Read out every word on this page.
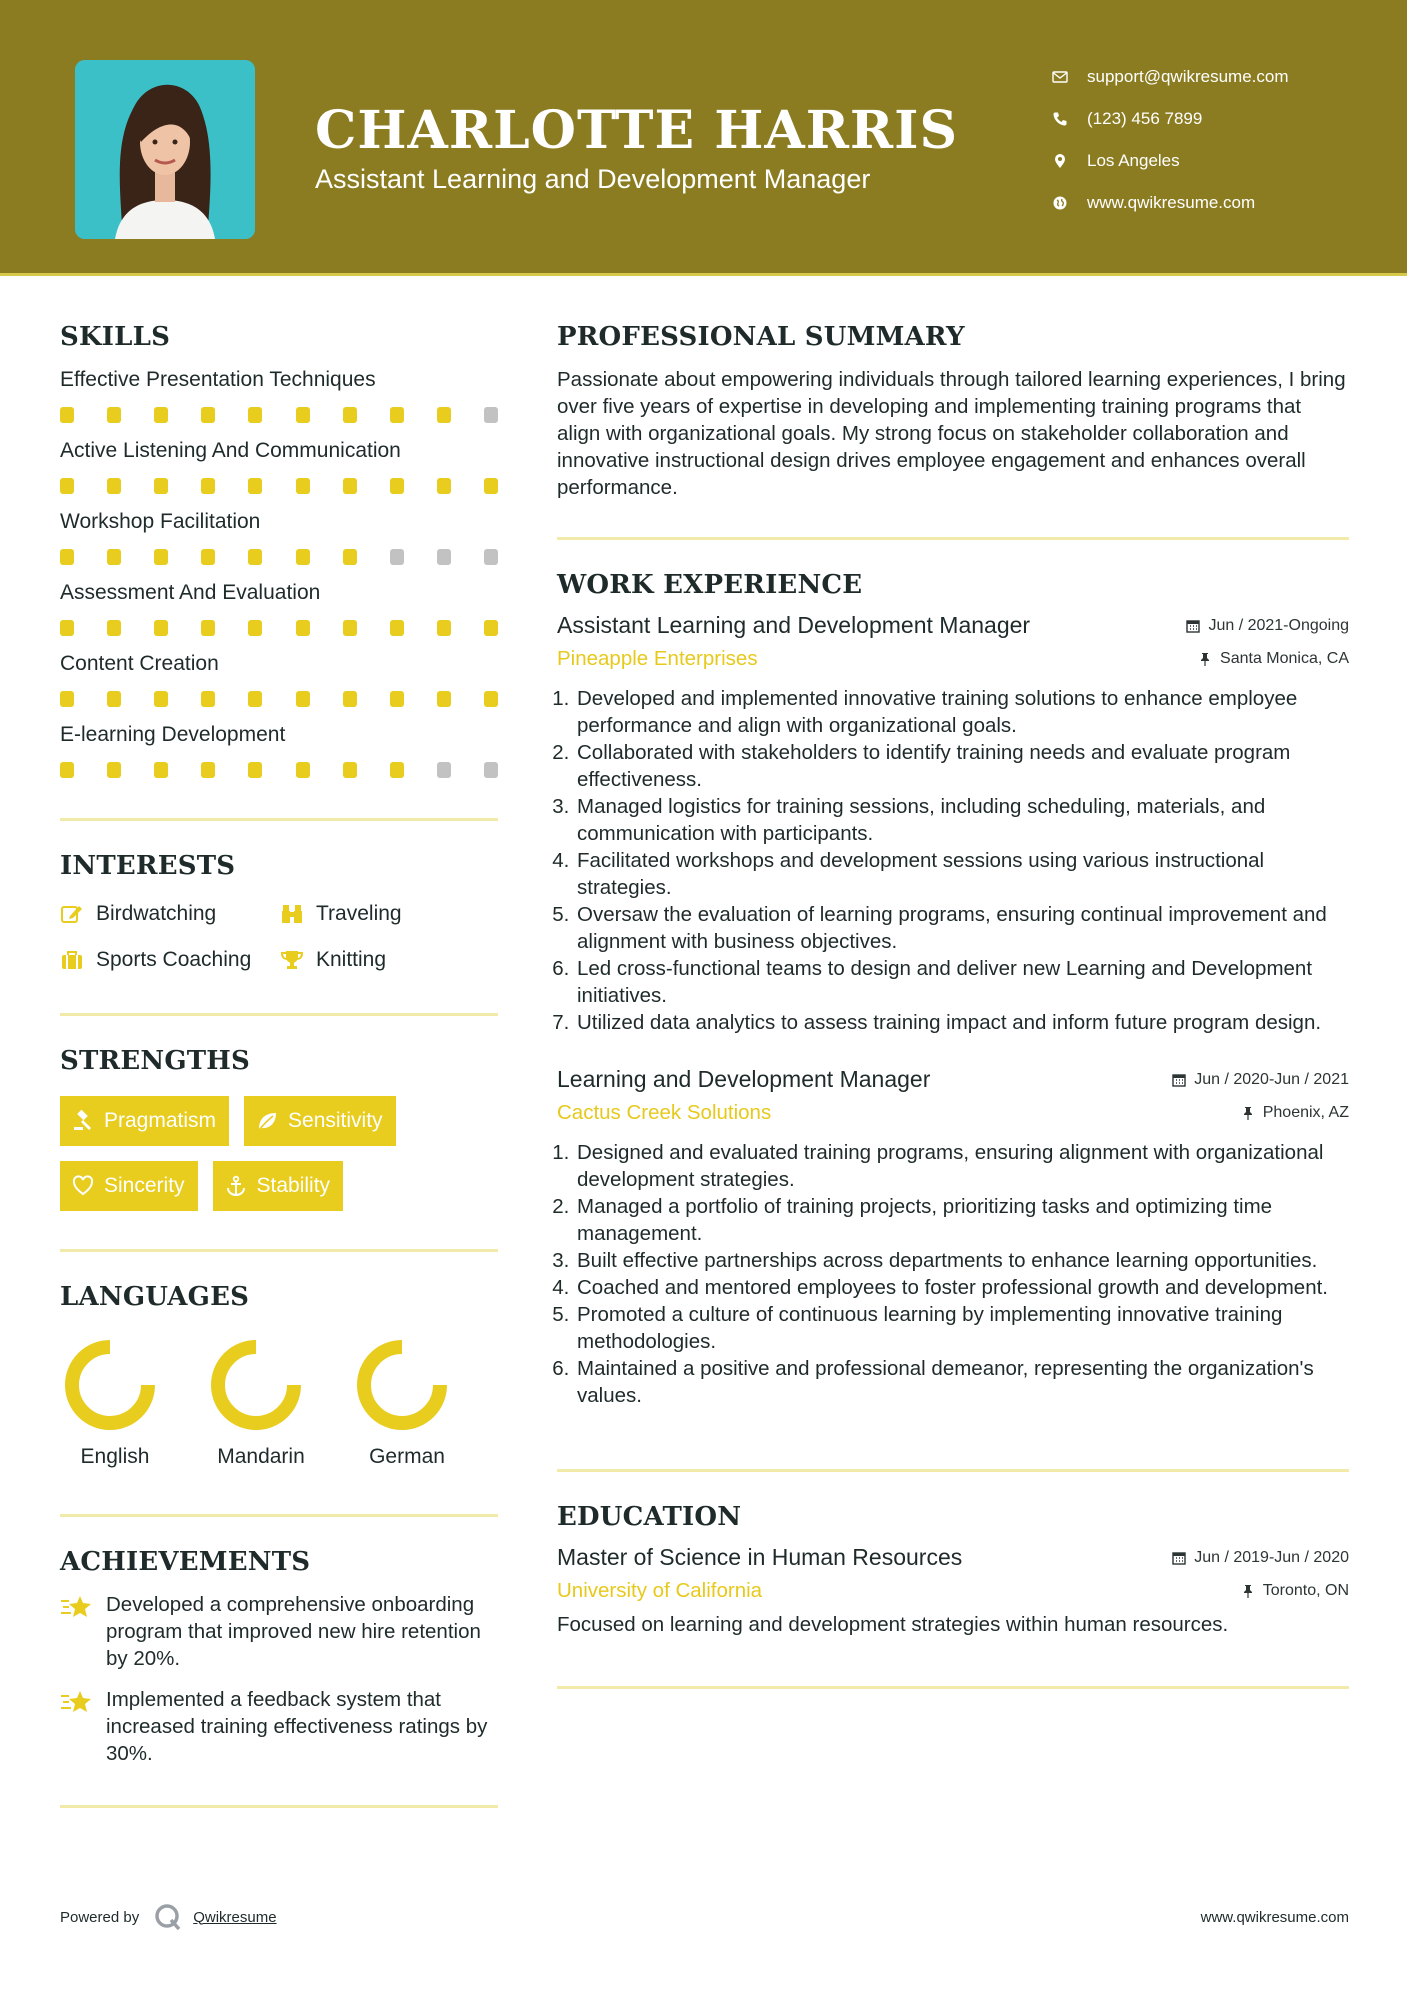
CHARLOTTE HARRIS
Assistant Learning and Development Manager
support@qwikresume.com
(123) 456 7899
Los Angeles
www.qwikresume.com
SKILLS
Effective Presentation Techniques
Active Listening And Communication
Workshop Facilitation
Assessment And Evaluation
Content Creation
E-learning Development
INTERESTS
Birdwatching	Traveling
Sports Coaching	Knitting
STRENGTHS
Pragmatism	Sensitivity
Sincerity	Stability
LANGUAGES
English	Mandarin	German
ACHIEVEMENTS
Developed a comprehensive onboarding program that improved new hire retention by 20%.
Implemented a feedback system that increased training effectiveness ratings by 30%.
PROFESSIONAL SUMMARY
Passionate about empowering individuals through tailored learning experiences, I bring over five years of expertise in developing and implementing training programs that align with organizational goals. My strong focus on stakeholder collaboration and innovative instructional design drives employee engagement and enhances overall performance.
WORK EXPERIENCE
Assistant Learning and Development Manager	Jun / 2021-Ongoing
Pineapple Enterprises	Santa Monica, CA
1. Developed and implemented innovative training solutions to enhance employee performance and align with organizational goals.
2. Collaborated with stakeholders to identify training needs and evaluate program effectiveness.
3. Managed logistics for training sessions, including scheduling, materials, and communication with participants.
4. Facilitated workshops and development sessions using various instructional strategies.
5. Oversaw the evaluation of learning programs, ensuring continual improvement and alignment with business objectives.
6. Led cross-functional teams to design and deliver new Learning and Development initiatives.
7. Utilized data analytics to assess training impact and inform future program design.
Learning and Development Manager	Jun / 2020-Jun / 2021
Cactus Creek Solutions	Phoenix, AZ
1. Designed and evaluated training programs, ensuring alignment with organizational development strategies.
2. Managed a portfolio of training projects, prioritizing tasks and optimizing time management.
3. Built effective partnerships across departments to enhance learning opportunities.
4. Coached and mentored employees to foster professional growth and development.
5. Promoted a culture of continuous learning by implementing innovative training methodologies.
6. Maintained a positive and professional demeanor, representing the organization's values.
EDUCATION
Master of Science in Human Resources	Jun / 2019-Jun / 2020
University of California	Toronto, ON
Focused on learning and development strategies within human resources.
Powered by	Qwikresume	www.qwikresume.com
